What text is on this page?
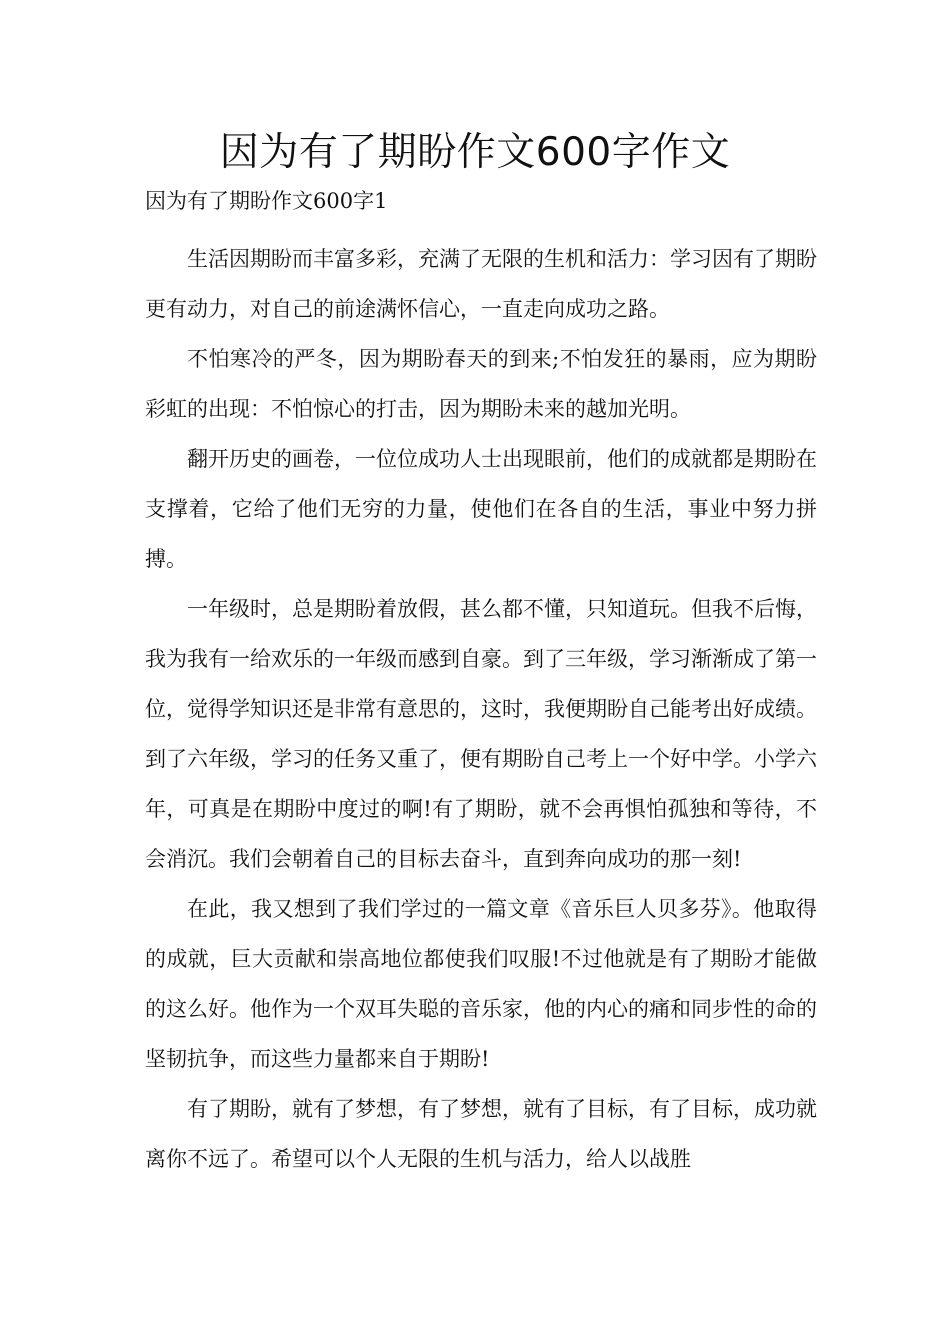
因为有了期盼作文600字作文

因为有了期盼作文600字1

生活因期盼而丰富多彩，充满了无限的生机和活力：学习因有了期盼更有动力，对自己的前途满怀信心，一直走向成功之路。

不怕寒冷的严冬，因为期盼春天的到来;不怕发狂的暴雨，应为期盼彩虹的出现：不怕惊心的打击，因为期盼未来的越加光明。

翻开历史的画卷，一位位成功人士出现眼前，他们的成就都是期盼在支撑着，它给了他们无穷的力量，使他们在各自的生活，事业中努力拼搏。

一年级时，总是期盼着放假，甚么都不懂，只知道玩。但我不后悔，我为我有一给欢乐的一年级而感到自豪。到了三年级，学习渐渐成了第一位，觉得学知识还是非常有意思的，这时，我便期盼自己能考出好成绩。到了六年级，学习的任务又重了，便有期盼自己考上一个好中学。小学六年，可真是在期盼中度过的啊!有了期盼，就不会再惧怕孤独和等待，不会消沉。我们会朝着自己的目标去奋斗，直到奔向成功的那一刻!

在此，我又想到了我们学过的一篇文章《音乐巨人贝多芬》。他取得的成就，巨大贡献和崇高地位都使我们叹服!不过他就是有了期盼才能做的这么好。他作为一个双耳失聪的音乐家，他的内心的痛和同步性的命的坚韧抗争，而这些力量都来自于期盼!

有了期盼，就有了梦想，有了梦想，就有了目标，有了目标，成功就离你不远了。希望可以个人无限的生机与活力，给人以战胜
